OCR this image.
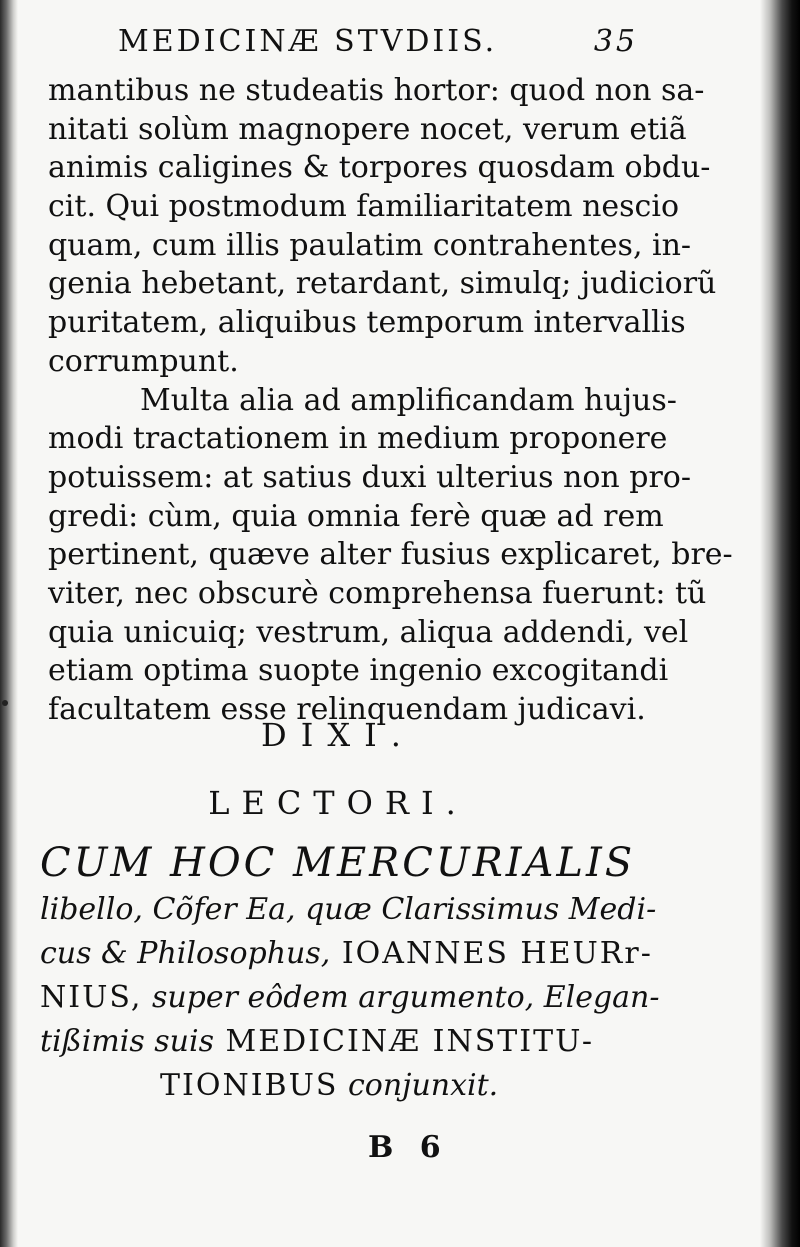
MEDICINÆ STVDIIS.	35
mantibus ne studeatis hortor: quod non sa-
nitati solùm magnopere nocet, verum etiã
animis caligines & torpores quosdam obdu-
cit. Qui postmodum familiaritatem nescio
quam, cum illis paulatim contrahentes, in-
genia hebetant, retardant, simulq; judiciorũ
puritatem, aliquibus temporum intervallis
corrumpunt.
Multa alia ad amplificandam hujus-
modi tractationem in medium proponere
potuissem: at satius duxi ulterius non pro-
gredi: cùm, quia omnia ferè quæ ad rem
pertinent, quæve alter fusius explicaret, bre-
viter, nec obscurè comprehensa fuerunt: tũ
quia unicuiq; vestrum, aliqua addendi, vel
etiam optima suopte ingenio excogitandi
facultatem esse relinquendam judicavi.
DIXI.
LECTORI.
CUM HOC MERCURIALIS
libello, Cõfer Ea, quæ Clarissimus Medi-
cus & Philosophus, IOANNES HEURr-
NIUS, super eôdem argumento, Elegan-
tißimis suis MEDICINÆ INSTITU-
TIONIBUS conjunxit.
B 6
